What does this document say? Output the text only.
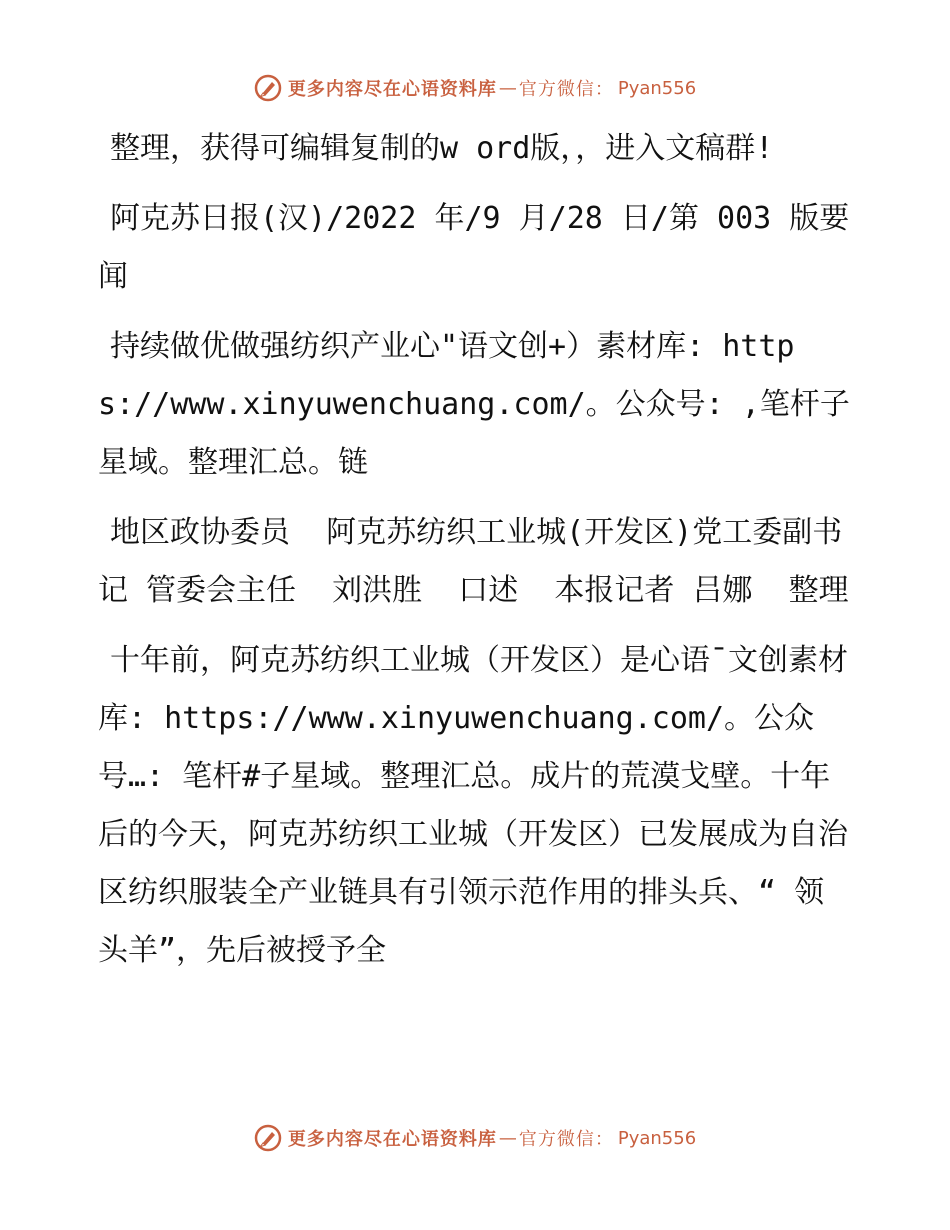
更多内容尽在心语资料库 — 官方微信： Pyan556

整理，获得可编辑复制的w ord版，，进入文稿群!

阿克苏日报(汉)/2022 年/9 月/28 日/第 003 版要闻

持续做优做强纺织产业心"语文创+）素材库: https://www.xinyuwenchuang.com/。公众号: ,笔杆子星域。整理汇总。链

地区政协委员  阿克苏纺织工业城(开发区)党工委副书记 管委会主任  刘洪胜  口述  本报记者 吕娜  整理

十年前，阿克苏纺织工业城（开发区）是心语¯文创素材库: https://www.xinyuwenchuang.com/。公众号…: 笔杆#子星域。整理汇总。成片的荒漠戈壁。十年后的今天，阿克苏纺织工业城（开发区）已发展成为自治区纺织服装全产业链具有引领示范作用的排头兵、“ 领头羊”，先后被授予全

更多内容尽在心语资料库 — 官方微信： Pyan556
